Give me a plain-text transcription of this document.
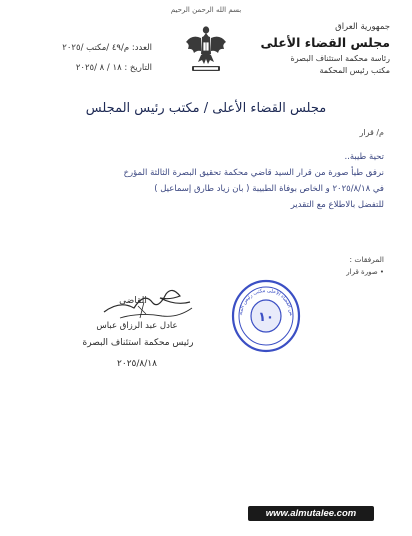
بسم الله الرحمن الرحيم
جمهورية العراق
مجلس القضاء الأعلى
رئاسة محكمة استئناف البصرة
مكتب رئيس المحكمة
العدد: م/٤٩ /مكتب /٢٠٢٥
التاريخ : ١٨ / ٨ /٢٠٢٥
مجلس القضاء الأعلى / مكتب رئيس المجلس
م/ قرار
تحية طيبة..
نرفق طيأ صورة من قرار السيد قاضي محكمة تحقيق البصرة الثالثة المؤرخ
في ٢٠٢٥/٨/١٨ و الخاص بوفاة الطبيبة ( بان زياد طارق إسماعيل )
للتفضل بالاطلاع مع التقدير
المرفقات :
• صورة قرار
۱۰	س القضاء الأعلى مكتب رئيس المح
القاضي
عادل عبد الرزاق عباس
رئيس محكمة استئناف البصرة
٢٠٢٥/٨/١٨
www.almutalee.com
